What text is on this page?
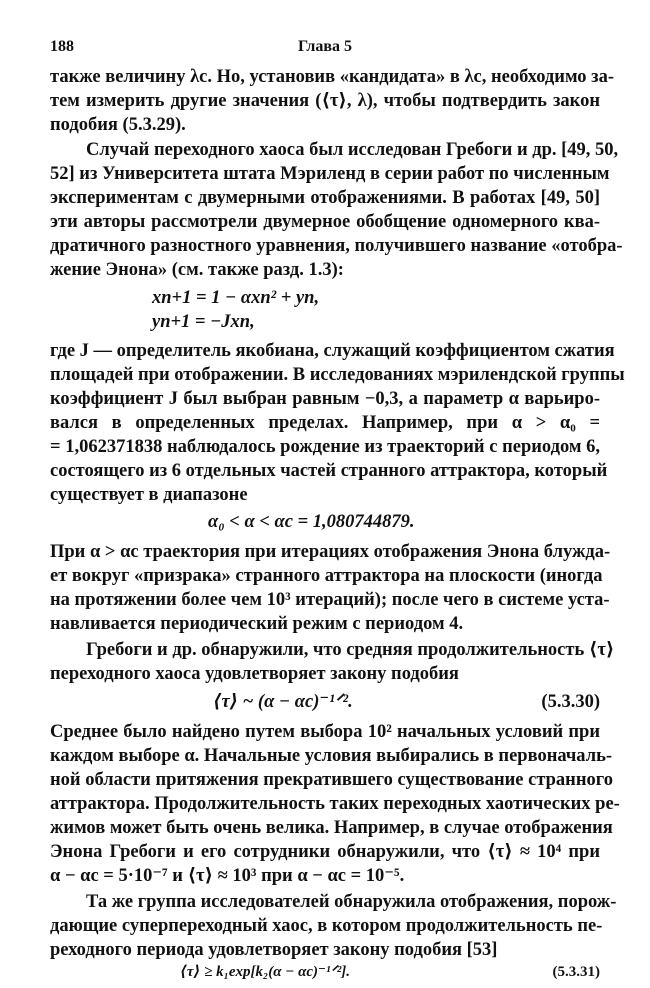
188	Глава 5
также величину λc. Но, установив «кандидата» в λc, необходимо за-
тем измерить другие значения (⟨τ⟩, λ), чтобы подтвердить закон
подобия (5.3.29).
Случай переходного хаоса был исследован Гребоги и др. [49, 50,
52] из Университета штата Мэриленд в серии работ по численным
экспериментам с двумерными отображениями. В работах [49, 50]
эти авторы рассмотрели двумерное обобщение одномерного ква-
дратичного разностного уравнения, получившего название «отобра-
жение Энона» (см. также разд. 1.3):
xn+1 = 1 − αxn² + yn,
yn+1 = −Jxn,
где J — определитель якобиана, служащий коэффициентом сжатия
площадей при отображении. В исследованиях мэрилендской группы
коэффициент J был выбран равным −0,3, а параметр α варьиро-
вался в определенных пределах. Например, при α > α₀ =
= 1,062371838 наблюдалось рождение из траекторий с периодом 6,
состоящего из 6 отдельных частей странного аттрактора, который
существует в диапазоне
α₀ < α < αc = 1,080744879.
При α > αc траектория при итерациях отображения Энона блужда-
ет вокруг «призрака» странного аттрактора на плоскости (иногда
на протяжении более чем 10³ итераций); после чего в системе уста-
навливается периодический режим с периодом 4.
Гребоги и др. обнаружили, что средняя продолжительность ⟨τ⟩
переходного хаоса удовлетворяет закону подобия
⟨τ⟩ ~ (α − αc)⁻¹ᐟ².	(5.3.30)
Среднее было найдено путем выбора 10² начальных условий при
каждом выборе α. Начальные условия выбирались в первоначаль-
ной области притяжения прекратившего существование странного
аттрактора. Продолжительность таких переходных хаотических ре-
жимов может быть очень велика. Например, в случае отображения
Энона Гребоги и его сотрудники обнаружили, что ⟨τ⟩ ≈ 10⁴ при
α − αc = 5·10⁻⁷ и ⟨τ⟩ ≈ 10³ при α − αc = 10⁻⁵.
Та же группа исследователей обнаружила отображения, порож-
дающие суперпереходный хаос, в котором продолжительность пе-
реходного периода удовлетворяет закону подобия [53]
⟨τ⟩ ≥ k₁exp[k₂(α − αc)⁻¹ᐟ²].	(5.3.31)
